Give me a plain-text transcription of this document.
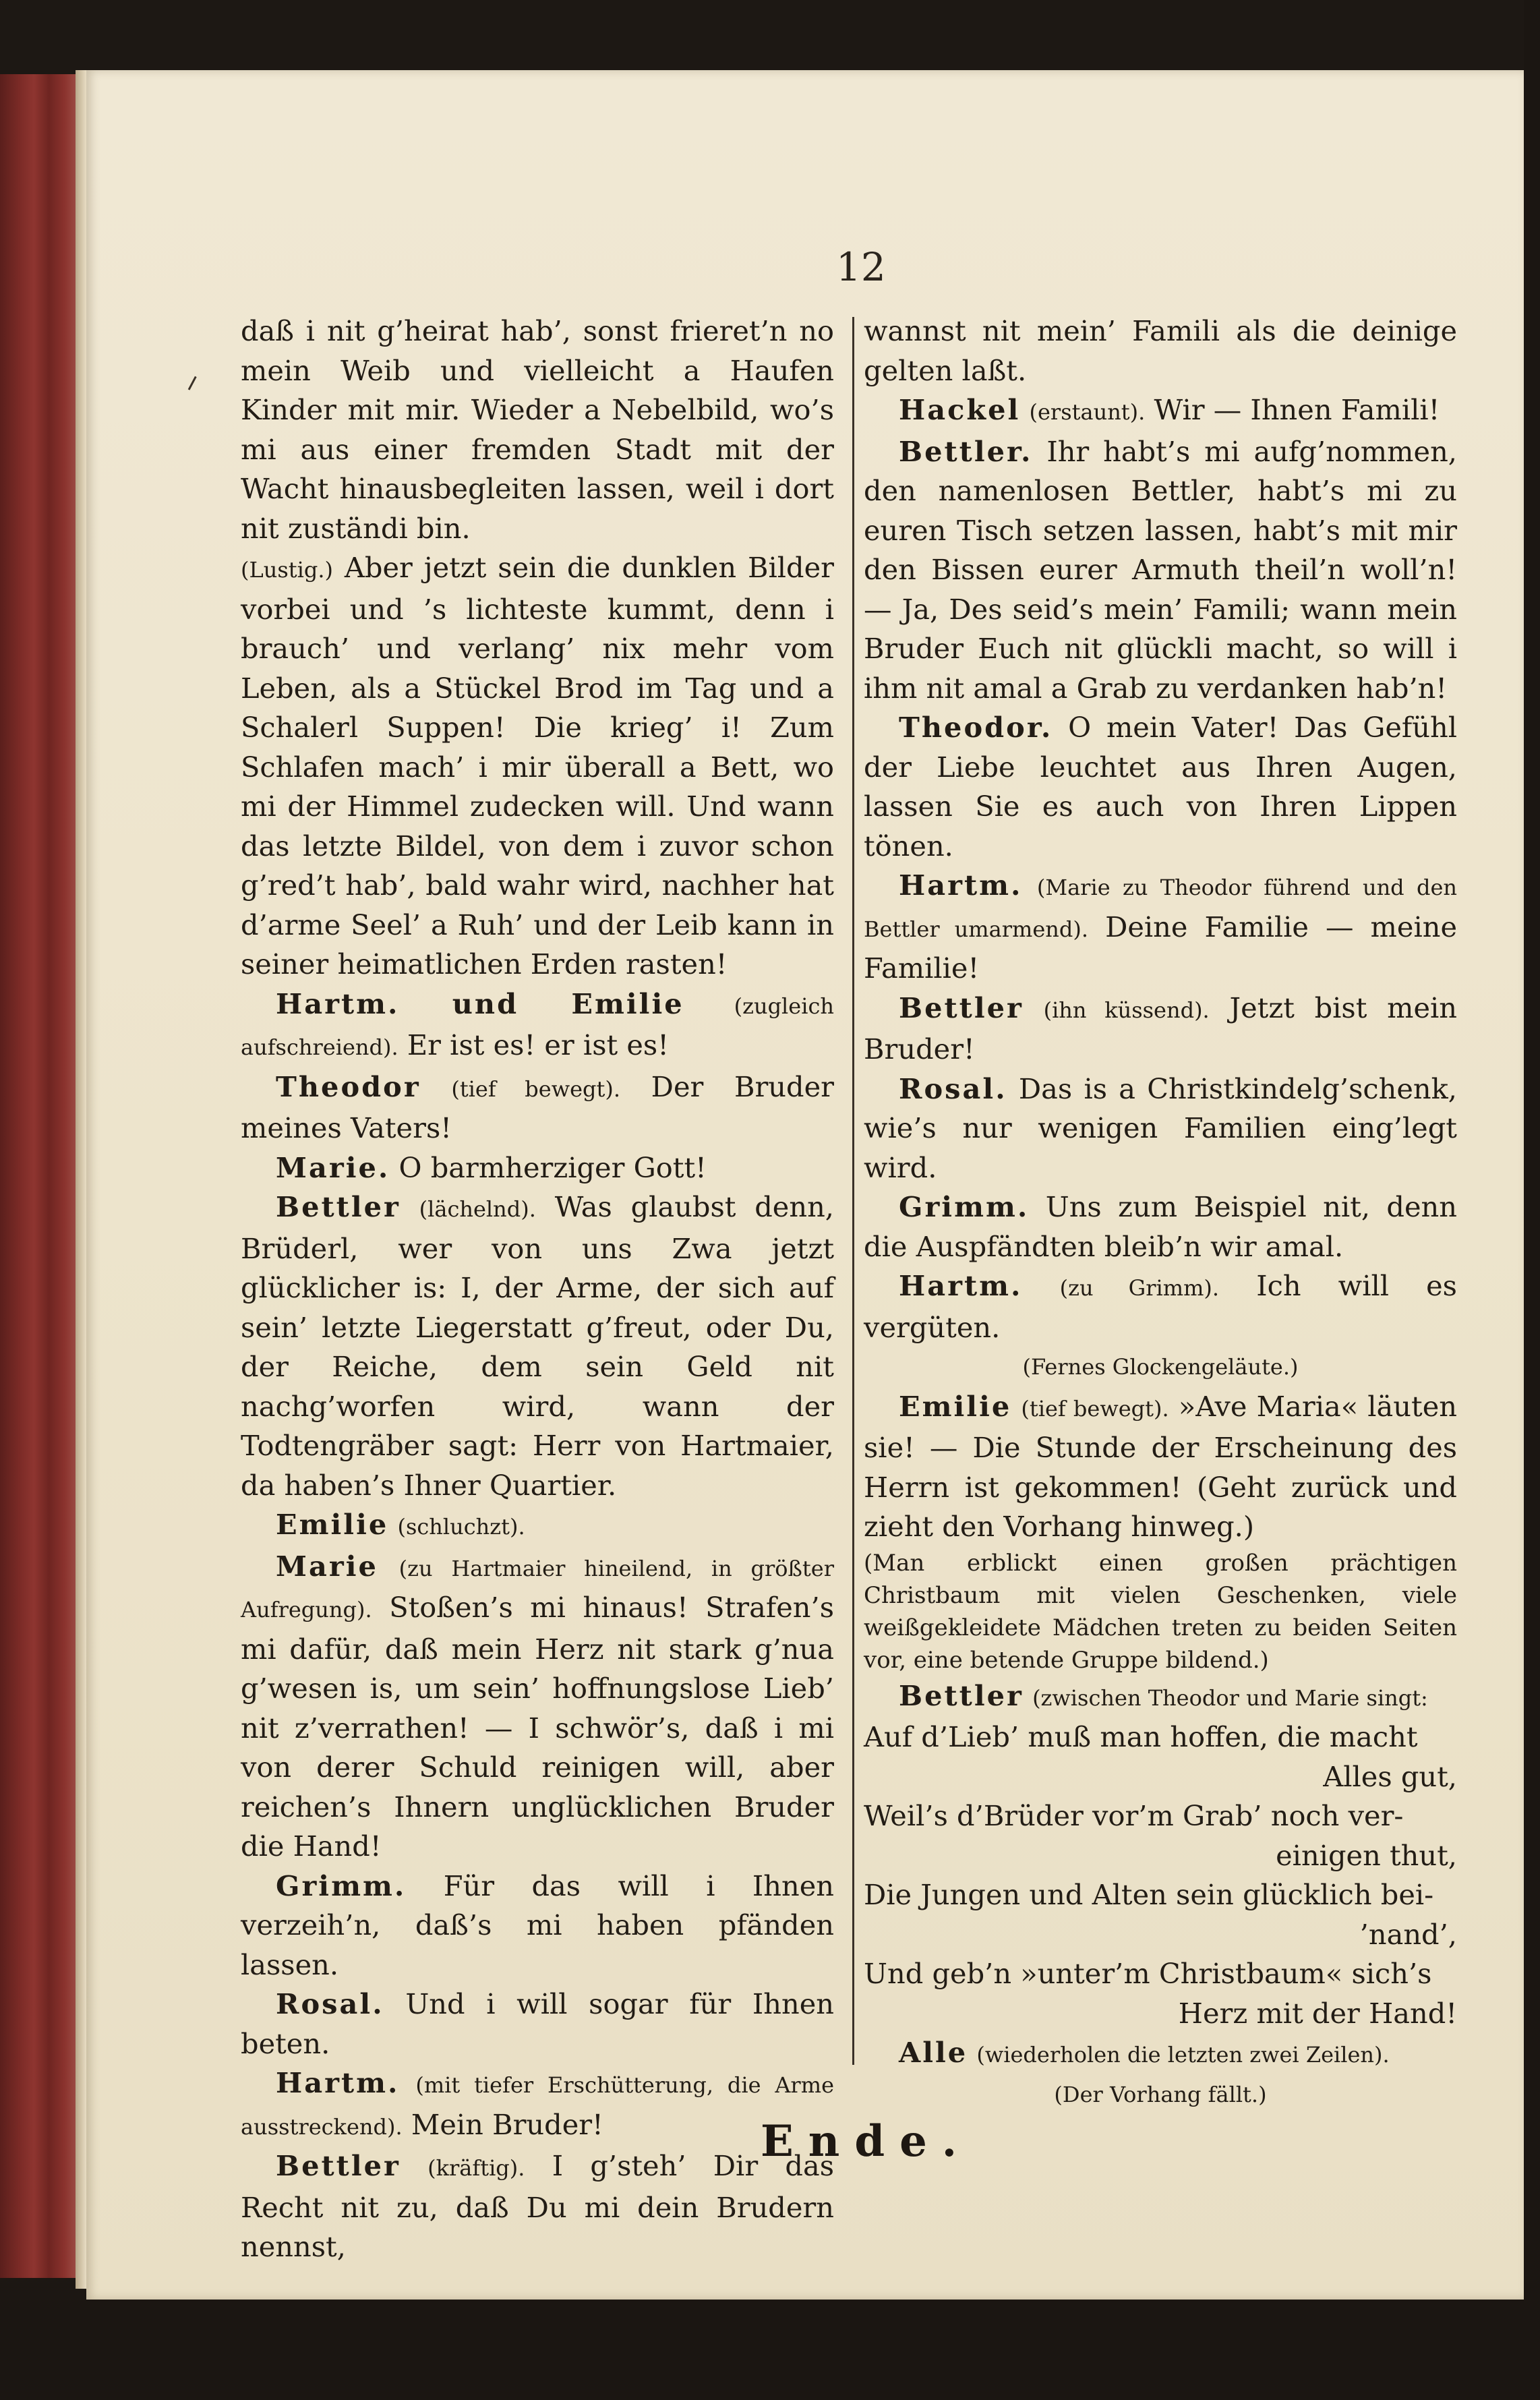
12

daß i nit g’heirat hab’, sonst frieret’n no mein Weib und vielleicht a Haufen Kinder mit mir. Wieder a Nebelbild, wo’s mi aus einer fremden Stadt mit der Wacht hinausbegleiten lassen, weil i dort nit zuständi bin.

(Lustig.) Aber jetzt sein die dunklen Bilder vorbei und ’s lichteste kummt, denn i brauch’ und verlang’ nix mehr vom Leben, als a Stückel Brod im Tag und a Schalerl Suppen! Die krieg’ i! Zum Schlafen mach’ i mir überall a Bett, wo mi der Himmel zudecken will. Und wann das letzte Bildel, von dem i zuvor schon g’red’t hab’, bald wahr wird, nachher hat d’arme Seel’ a Ruh’ und der Leib kann in seiner heimatlichen Erden rasten!

Hartm. und Emilie (zugleich aufschreiend). Er ist es! er ist es!

Theodor (tief bewegt). Der Bruder meines Vaters!

Marie. O barmherziger Gott!

Bettler (lächelnd). Was glaubst denn, Brüderl, wer von uns Zwa jetzt glücklicher is: I, der Arme, der sich auf sein’ letzte Liegerstatt g’freut, oder Du, der Reiche, dem sein Geld nit nachg’worfen wird, wann der Todtengräber sagt: Herr von Hartmaier, da haben’s Ihner Quartier.

Emilie (schluchzt).

Marie (zu Hartmaier hineilend, in größter Aufregung). Stoßen’s mi hinaus! Strafen’s mi dafür, daß mein Herz nit stark g’nua g’wesen is, um sein’ hoffnungslose Lieb’ nit z’verrathen! — I schwör’s, daß i mi von derer Schuld reinigen will, aber reichen’s Ihnern unglücklichen Bruder die Hand!

Grimm. Für das will i Ihnen verzeih’n, daß’s mi haben pfänden lassen.

Rosal. Und i will sogar für Ihnen beten.

Hartm. (mit tiefer Erschütterung, die Arme ausstreckend). Mein Bruder!

Bettler (kräftig). I g’steh’ Dir das Recht nit zu, daß Du mi dein Brudern nennst,

wannst nit mein’ Famili als die deinige gelten laßt.

Hackel (erstaunt). Wir — Ihnen Famili!

Bettler. Ihr habt’s mi aufg’nommen, den namenlosen Bettler, habt’s mi zu euren Tisch setzen lassen, habt’s mit mir den Bissen eurer Armuth theil’n woll’n! — Ja, Des seid’s mein’ Famili; wann mein Bruder Euch nit glückli macht, so will i ihm nit amal a Grab zu verdanken hab’n!

Theodor. O mein Vater! Das Gefühl der Liebe leuchtet aus Ihren Augen, lassen Sie es auch von Ihren Lippen tönen.

Hartm. (Marie zu Theodor führend und den Bettler umarmend). Deine Familie — meine Familie!

Bettler (ihn küssend). Jetzt bist mein Bruder!

Rosal. Das is a Christkindelg’schenk, wie’s nur wenigen Familien eing’legt wird.

Grimm. Uns zum Beispiel nit, denn die Auspfändten bleib’n wir amal.

Hartm. (zu Grimm). Ich will es vergüten.

(Fernes Glockengeläute.)

Emilie (tief bewegt). »Ave Maria« läuten sie! — Die Stunde der Erscheinung des Herrn ist gekommen! (Geht zurück und zieht den Vorhang hinweg.)

(Man erblickt einen großen prächtigen Christbaum mit vielen Geschenken, viele weißgekleidete Mädchen treten zu beiden Seiten vor, eine betende Gruppe bildend.)

Bettler (zwischen Theodor und Marie singt:

Auf d’Lieb’ muß man hoffen, die macht

Alles gut,

Weil’s d’Brüder vor’m Grab’ noch ver-

einigen thut,

Die Jungen und Alten sein glücklich bei-

’nand’,

Und geb’n »unter’m Christbaum« sich’s

Herz mit der Hand!

Alle (wiederholen die letzten zwei Zeilen).

(Der Vorhang fällt.)

Ende.
